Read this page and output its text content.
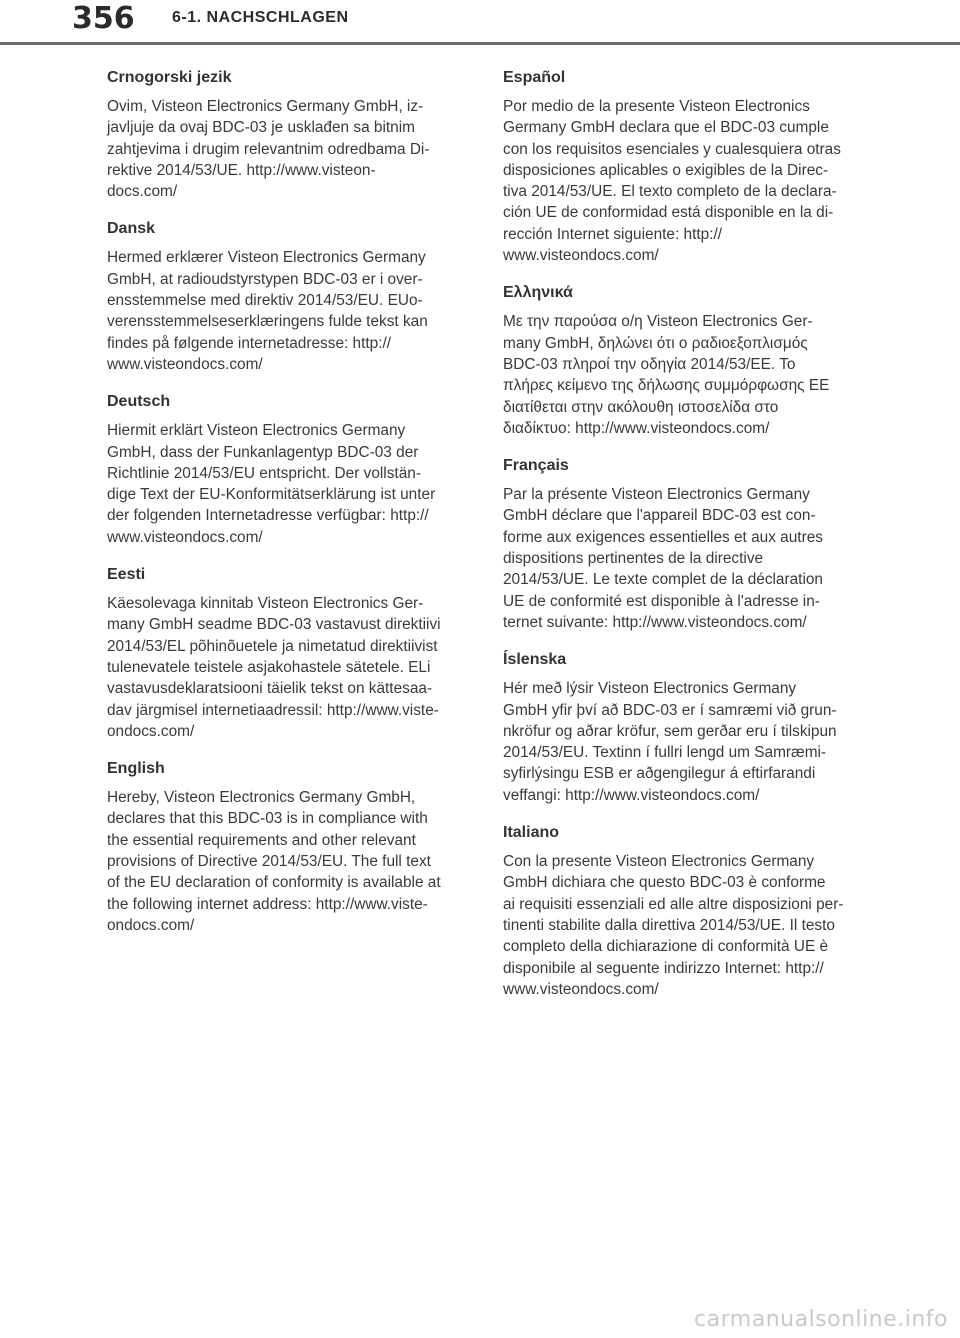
356 6-1. NACHSCHLAGEN
Crnogorski jezik

Ovim, Visteon Electronics Germany GmbH, iz-
javljuje da ovaj BDC-03 je usklađen sa bitnim
zahtjevima i drugim relevantnim odredbama Di-
rektive 2014/53/UE. http://www.visteon-
docs.com/

Dansk

Hermed erklærer Visteon Electronics Germany
GmbH, at radioudstyrstypen BDC-03 er i over-
ensstemmelse med direktiv 2014/53/EU. EUo-
verensstemmelseserklæringens fulde tekst kan
findes på følgende internetadresse: http://
www.visteondocs.com/

Deutsch

Hiermit erklärt Visteon Electronics Germany
GmbH, dass der Funkanlagentyp BDC-03 der
Richtlinie 2014/53/EU entspricht. Der vollstän-
dige Text der EU-Konformitätserklärung ist unter
der folgenden Internetadresse verfügbar: http://
www.visteondocs.com/

Eesti

Käesolevaga kinnitab Visteon Electronics Ger-
many GmbH seadme BDC-03 vastavust direktiivi
2014/53/EL põhinõuetele ja nimetatud direktiivist
tulenevatele teistele asjakohastele sätetele. ELi
vastavusdeklaratsiooni täielik tekst on kättesaa-
dav järgmisel internetiaadressil: http://www.viste-
ondocs.com/

English

Hereby, Visteon Electronics Germany GmbH,
declares that this BDC-03 is in compliance with
the essential requirements and other relevant
provisions of Directive 2014/53/EU. The full text
of the EU declaration of conformity is available at
the following internet address: http://www.viste-
ondocs.com/

Español

Por medio de la presente Visteon Electronics
Germany GmbH declara que el BDC-03 cumple
con los requisitos esenciales y cualesquiera otras
disposiciones aplicables o exigibles de la Direc-
tiva 2014/53/UE. El texto completo de la declara-
ción UE de conformidad está disponible en la di-
rección Internet siguiente: http://
www.visteondocs.com/

Ελληνικά

Με την παρούσα ο/η Visteon Electronics Ger-
many GmbH, δηλώνει ότι ο ραδιοεξοπλισμός
BDC-03 πληροί την οδηγία 2014/53/ΕΕ. Το
πλήρες κείμενο της δήλωσης συμμόρφωσης ΕΕ
διατίθεται στην ακόλουθη ιστοσελίδα στο
διαδίκτυο: http://www.visteondocs.com/

Français

Par la présente Visteon Electronics Germany
GmbH déclare que l'appareil BDC-03 est con-
forme aux exigences essentielles et aux autres
dispositions pertinentes de la directive
2014/53/UE. Le texte complet de la déclaration
UE de conformité est disponible à l'adresse in-
ternet suivante: http://www.visteondocs.com/

Íslenska

Hér með lýsir Visteon Electronics Germany
GmbH yfir því að BDC-03 er í samræmi við grun-
nkröfur og aðrar kröfur, sem gerðar eru í tilskipun
2014/53/EU. Textinn í fullri lengd um Samræmi-
syfirlýsingu ESB er aðgengilegur á eftirfarandi
veffangi: http://www.visteondocs.com/

Italiano

Con la presente Visteon Electronics Germany
GmbH dichiara che questo BDC-03 è conforme
ai requisiti essenziali ed alle altre disposizioni per-
tinenti stabilite dalla direttiva 2014/53/UE. Il testo
completo della dichiarazione di conformità UE è
disponibile al seguente indirizzo Internet: http://
www.visteondocs.com/

carmanualsonline.info
